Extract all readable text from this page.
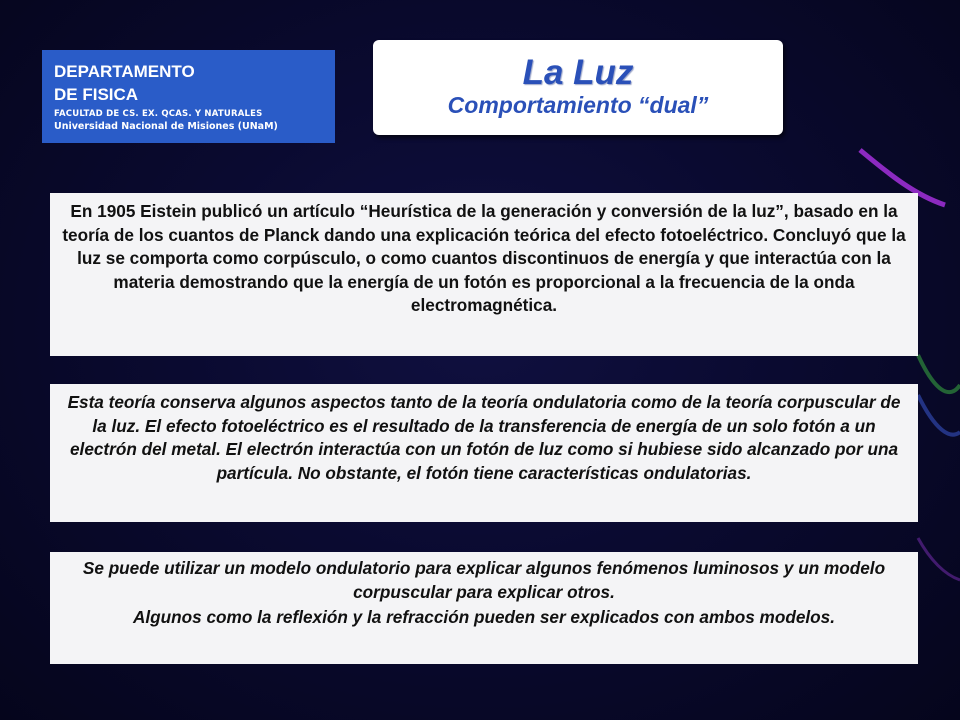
DEPARTAMENTO
DE FISICA
FACULTAD DE CS. EX. QCAS. Y NATURALES
Universidad Nacional de Misiones (UNaM)
La Luz
Comportamiento “dual”
En 1905 Eistein publicó un artículo “Heurística de la generación y conversión de la luz”, basado en la teoría de los cuantos de Planck dando una explicación teórica del efecto fotoeléctrico. Concluyó que la luz se comporta como corpúsculo, o como cuantos discontinuos de energía y que interactúa con la materia demostrando que la energía de un fotón es proporcional a la frecuencia de la onda electromagnética.
Esta teoría conserva algunos aspectos tanto de la teoría ondulatoria como de la teoría corpuscular de la luz. El efecto fotoeléctrico es el resultado de la transferencia de energía de un solo fotón a un electrón del metal. El electrón interactúa con un fotón de luz como si hubiese sido alcanzado por una partícula. No obstante, el fotón tiene características ondulatorias.
Se puede utilizar un modelo ondulatorio para explicar algunos fenómenos luminosos y un modelo corpuscular para explicar otros.
Algunos como la reflexión y la refracción pueden ser explicados con ambos modelos.
